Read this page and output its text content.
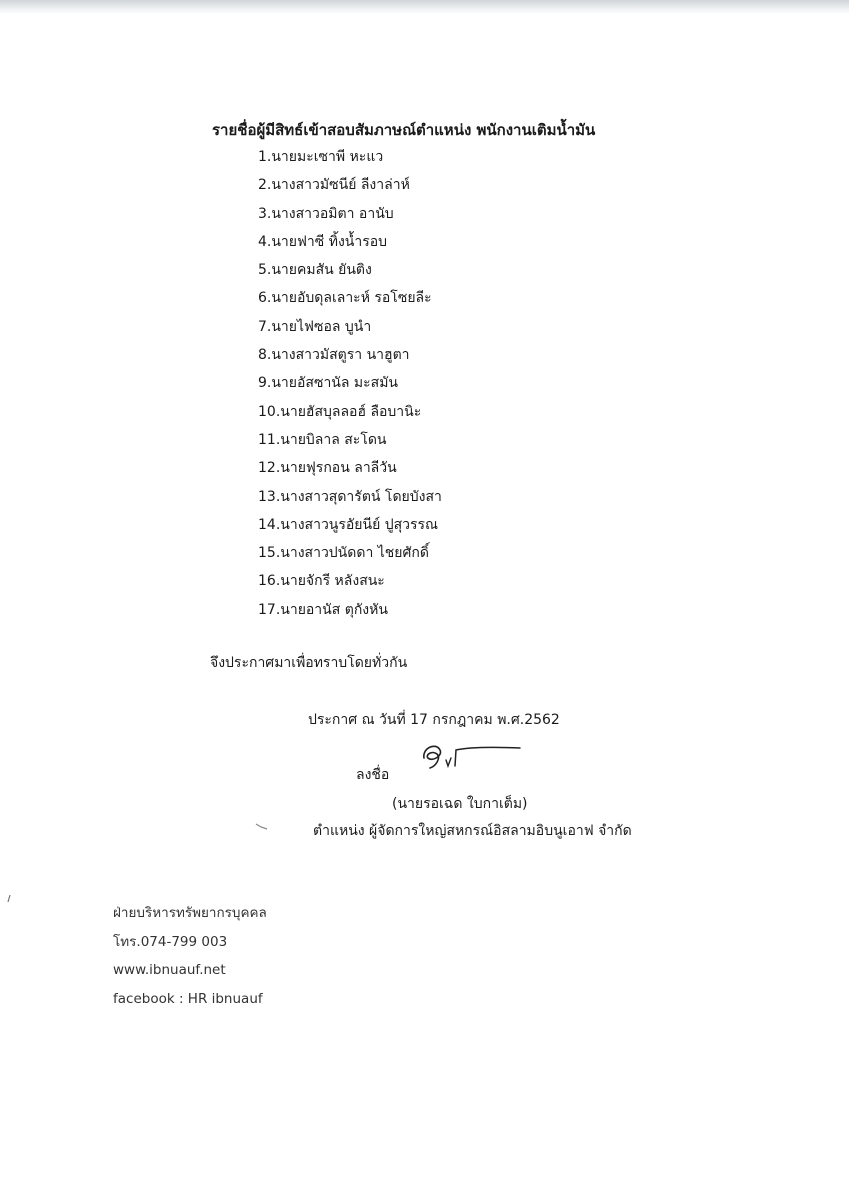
รายชื่อผู้มีสิทธ์เข้าสอบสัมภาษณ์ตำแหน่ง พนักงานเติมน้ำมัน
1.นายมะเซาพี หะแว
2.นางสาวมัซนีย์ ลีงาล่าห์
3.นางสาวอมิตา อานับ
4.นายฟาซี ทิ้งน้ำรอบ
5.นายคมสัน ยันติง
6.นายอับดุลเลาะห์ รอโซยลีะ
7.นายไฟซอล บูนำ
8.นางสาวมัสตูรา นาฮูตา
9.นายอัสซานัล มะสมัน
10.นายฮัสบุลลอฮ์ ลือบานิะ
11.นายบิลาล สะโดน
12.นายฟุรกอน ลาลีวัน
13.นางสาวสุดารัตน์ โดยบังสา
14.นางสาวนูรอัยนีย์ ปูสุวรรณ
15.นางสาวปนัดดา ไชยศักดิ์
16.นายจักรี หลังสนะ
17.นายอานัส ตุกังหัน
จึงประกาศมาเพื่อทราบโดยทั่วกัน
ประกาศ ณ วันที่ 17 กรกฎาคม พ.ศ.2562
ลงชื่อ
(นายรอเฉด ใบกาเต็ม)
ตำแหน่ง ผู้จัดการใหญ่สหกรณ์อิสลามอิบนูเอาฟ จำกัด
ฝ่ายบริหารทรัพยากรบุคคล
โทร.074-799 003
www.ibnuauf.net
facebook : HR ibnuauf
